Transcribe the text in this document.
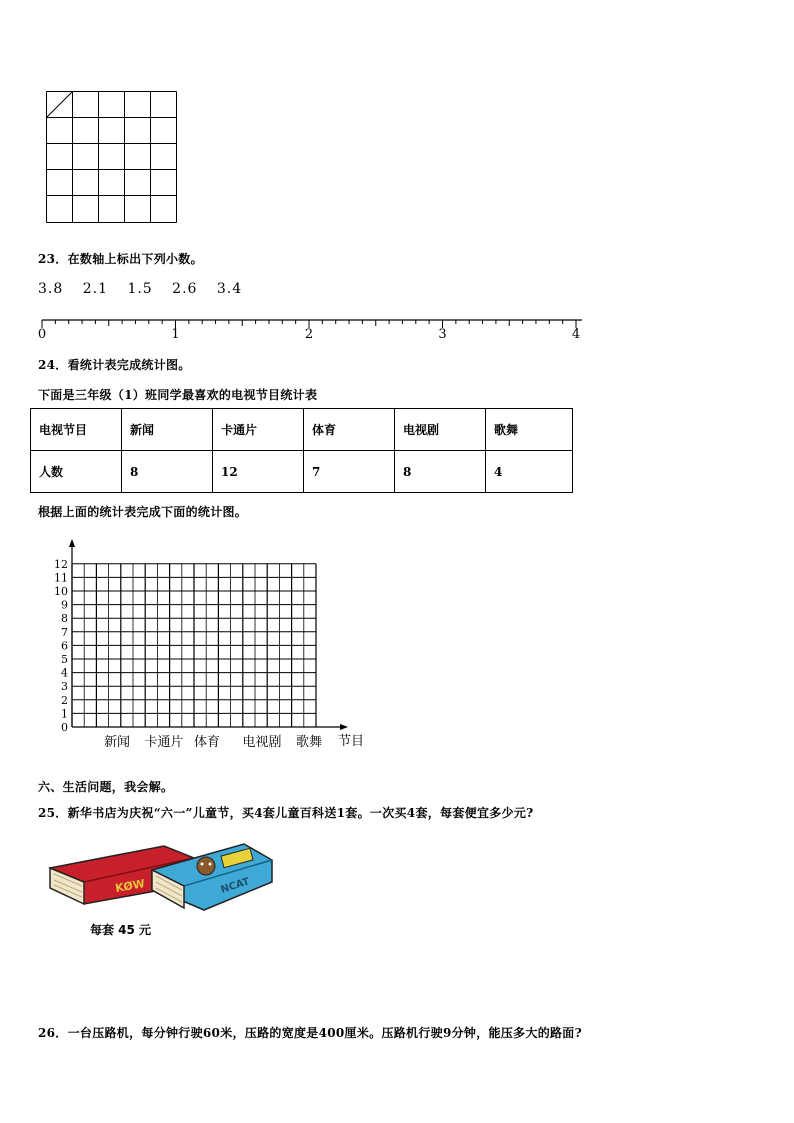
23．在数轴上标出下列小数。
3.8 2.1 1.5 2.6 3.4
0	1	2	3	4
24．看统计表完成统计图。
下面是三年级（1）班同学最喜欢的电视节目统计表
电视节目	新闻	卡通片	体育	电视剧	歌舞
人数	8	12	7	8	4
根据上面的统计表完成下面的统计图。
0
1
2
3
4
5
6
7
8
9
10
11
12
新闻 卡通片 体育 电视剧 歌舞 节目
六、生活问题，我会解。
25．新华书店为庆祝“六一”儿童节，买4套儿童百科送1套。一次买4套，每套便宜多少元?
KØW	NCAT
每套 45 元
26．一台压路机，每分钟行驶60米，压路的宽度是400厘米。压路机行驶9分钟，能压多大的路面?
